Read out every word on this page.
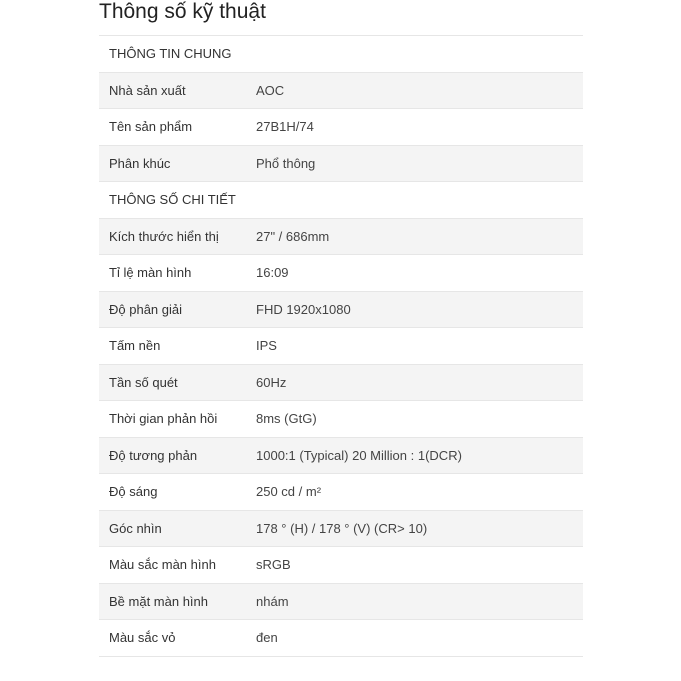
Thông số kỹ thuật
THÔNG TIN CHUNG
Nhà sản xuất	AOC
Tên sản phẩm	27B1H/74
Phân khúc	Phổ thông
THÔNG SỐ CHI TIẾT
Kích thước hiển thị	27" / 686mm
Tỉ lệ màn hình	16:09
Độ phân giải	FHD 1920x1080
Tấm nền	IPS
Tần số quét	60Hz
Thời gian phản hồi	8ms (GtG)
Độ tương phản	1000:1 (Typical) 20 Million : 1(DCR)
Độ sáng	250 cd / m²
Góc nhìn	178 ° (H) / 178 ° (V) (CR> 10)
Màu sắc màn hình	sRGB
Bề mặt màn hình	nhám
Màu sắc vỏ	đen
